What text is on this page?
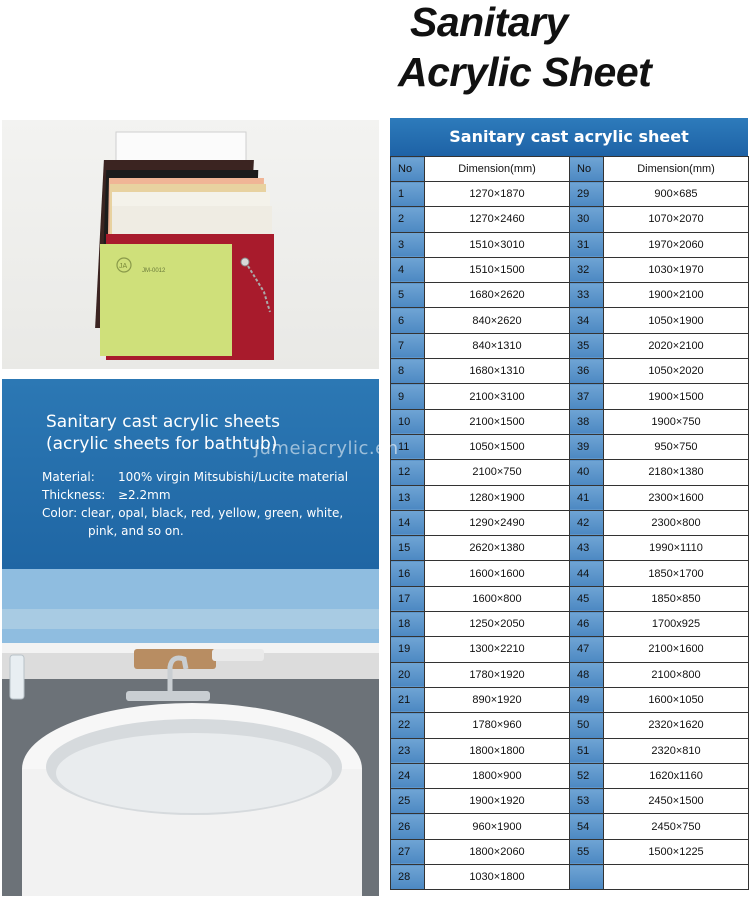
Sanitary
Acrylic Sheet
JA
JM-0012
Sanitary cast acrylic sheets
(acrylic sheets for bathtub)
Material: 100% virgin Mitsubishi/Lucite material
Thickness: ≥2.2mm
Color: clear, opal, black, red, yellow, green, white,
pink, and so on.
Sanitary cast acrylic sheet
No	Dimension(mm)	No	Dimension(mm)
1	1270×1870	29	900×685
2	1270×2460	30	1070×2070
3	1510×3010	31	1970×2060
4	1510×1500	32	1030×1970
5	1680×2620	33	1900×2100
6	840×2620	34	1050×1900
7	840×1310	35	2020×2100
8	1680×1310	36	1050×2020
9	2100×3100	37	1900×1500
10	2100×1500	38	1900×750
11	1050×1500	39	950×750
12	2100×750	40	2180×1380
13	1280×1900	41	2300×1600
14	1290×2490	42	2300×800
15	2620×1380	43	1990×1110
16	1600×1600	44	1850×1700
17	1600×800	45	1850×850
18	1250×2050	46	1700x925
19	1300×2210	47	2100×1600
20	1780×1920	48	2100×800
21	890×1920	49	1600×1050
22	1780×960	50	2320×1620
23	1800×1800	51	2320×810
24	1800×900	52	1620x1160
25	1900×1920	53	2450×1500
26	960×1900	54	2450×750
27	1800×2060	55	1500×1225
28	1030×1800		
jumeiacrylic.en
